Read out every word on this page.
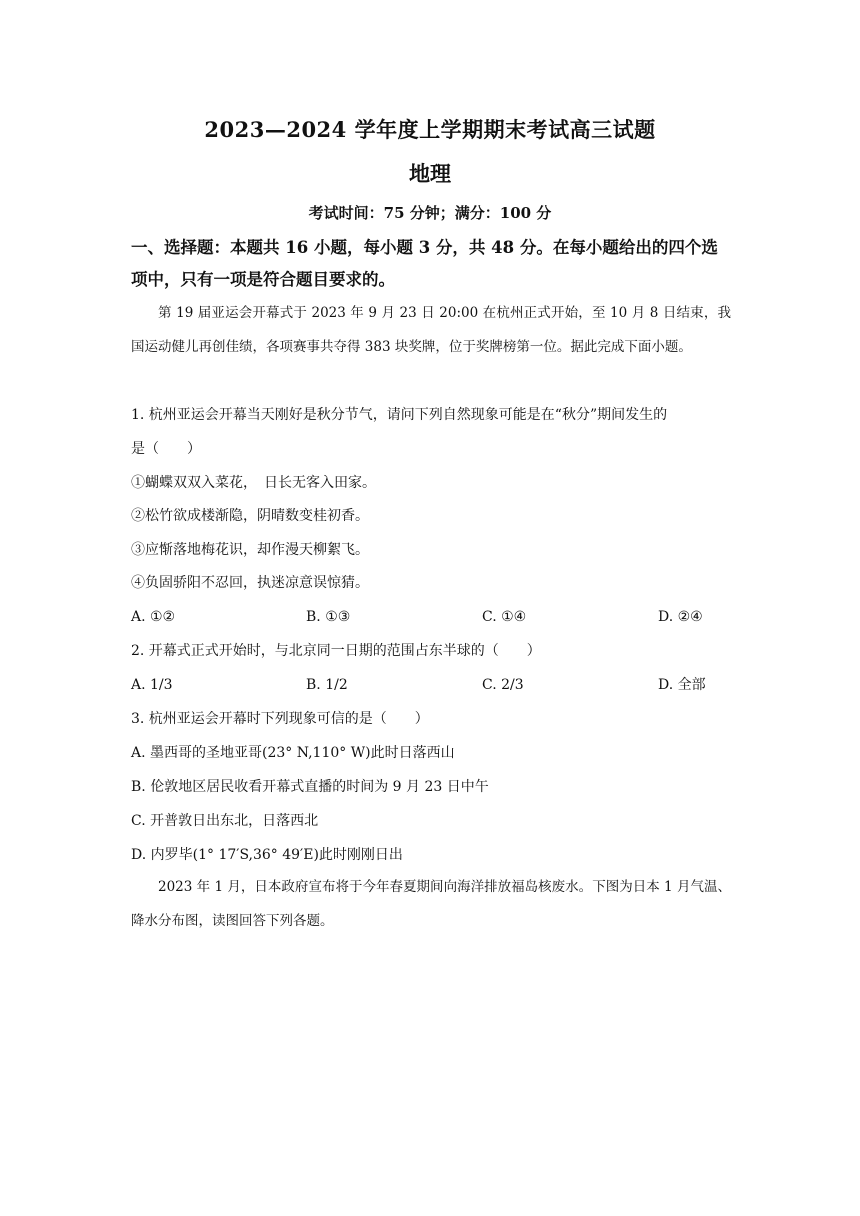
2023—2024 学年度上学期期末考试高三试题
地理
考试时间：75 分钟；满分：100 分
一、选择题：本题共 16 小题，每小题 3 分，共 48 分。在每小题给出的四个选项中，只有一项是符合题目要求的。
第 19 届亚运会开幕式于 2023 年 9 月 23 日 20:00 在杭州正式开始，至 10 月 8 日结束，我国运动健儿再创佳绩，各项赛事共夺得 383 块奖牌，位于奖牌榜第一位。据此完成下面小题。
1. 杭州亚运会开幕当天刚好是秋分节气，请问下列自然现象可能是在“秋分”期间发生的
是（　　）
①蝴蝶双双入菜花，　日长无客入田家。
②松竹欲成楼渐隐，阴晴数变桂初香。
③应惭落地梅花识，却作漫天柳絮飞。
④负固骄阳不忍回，执迷凉意误惊猜。
A. ①②	B. ①③	C. ①④	D. ②④
2. 开幕式正式开始时，与北京同一日期的范围占东半球的（　　）
A. 1/3	B. 1/2	C. 2/3	D. 全部
3. 杭州亚运会开幕时下列现象可信的是（　　）
A. 墨西哥的圣地亚哥(23° N,110° W)此时日落西山
B. 伦敦地区居民收看开幕式直播的时间为 9 月 23 日中午
C. 开普敦日出东北，日落西北
D. 内罗毕(1° 17′S,36° 49′E)此时刚刚日出
2023 年 1 月，日本政府宣布将于今年春夏期间向海洋排放福岛核废水。下图为日本 1 月气温、降水分布图，读图回答下列各题。
